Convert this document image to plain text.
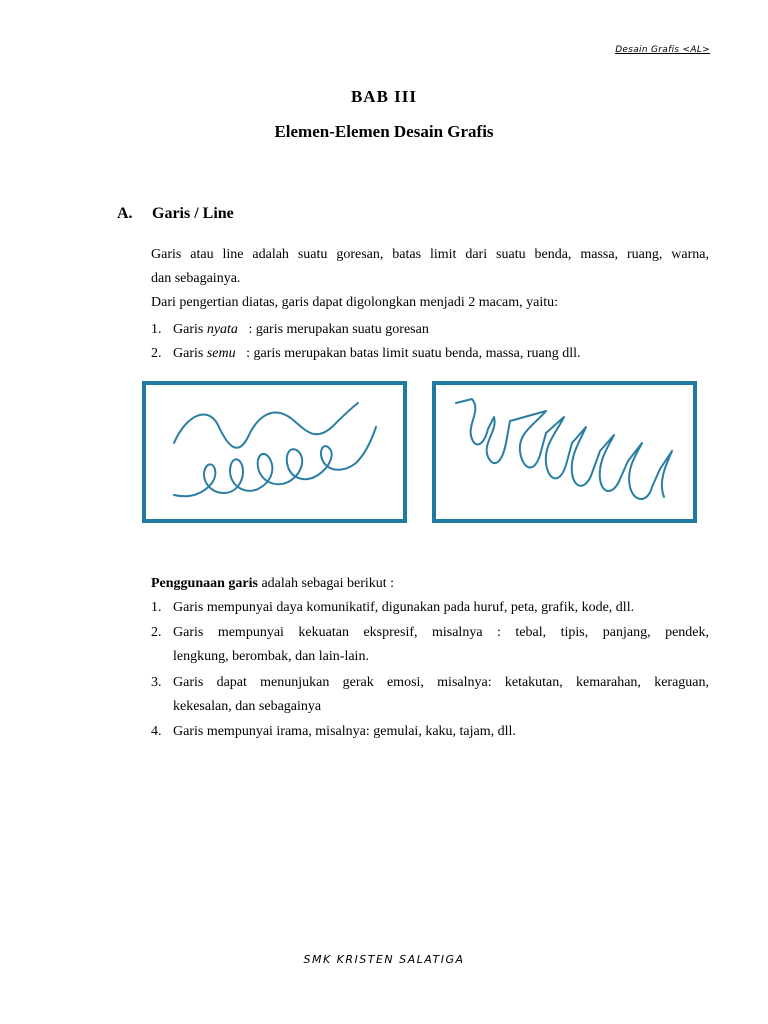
Desain Grafis <AL>
BAB III
Elemen-Elemen Desain Grafis
A. Garis / Line
Garis atau line adalah suatu goresan, batas limit dari suatu benda, massa, ruang, warna,
dan sebagainya.
Dari pengertian diatas, garis dapat digolongkan menjadi 2 macam, yaitu:
1. Garis nyata   : garis merupakan suatu goresan
2. Garis semu   : garis merupakan batas limit suatu benda, massa, ruang dll.
Penggunaan garis adalah sebagai berikut :
1. Garis mempunyai daya komunikatif, digunakan pada huruf, peta, grafik, kode, dll.
2. Garis mempunyai kekuatan ekspresif, misalnya : tebal, tipis, panjang, pendek,
lengkung, berombak, dan lain-lain.
3. Garis dapat menunjukan gerak emosi, misalnya: ketakutan, kemarahan, keraguan,
kekesalan, dan sebagainya
4. Garis mempunyai irama, misalnya: gemulai, kaku, tajam, dll.
SMK KRISTEN SALATIGA
